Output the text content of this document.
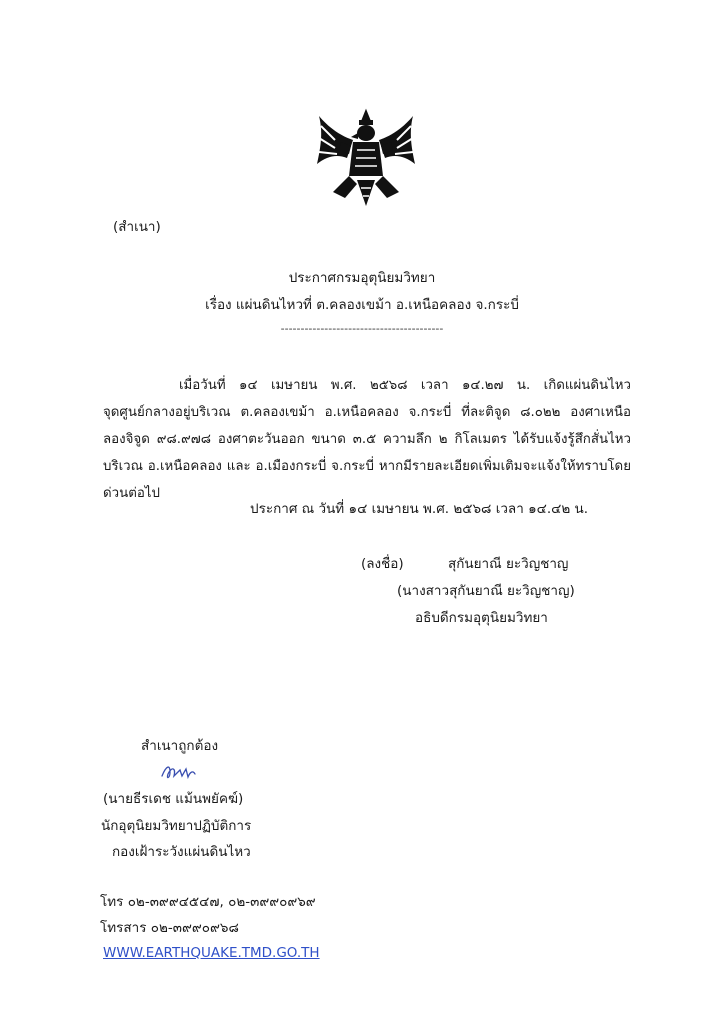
(สำเนา)
ประกาศกรมอุตุนิยมวิทยา
เรื่อง แผ่นดินไหวที่ ต.คลองเขม้า อ.เหนือคลอง จ.กระบี่
-----------------------------------------
เมื่อวันที่ ๑๔ เมษายน พ.ศ. ๒๕๖๘ เวลา ๑๔.๒๗ น. เกิดแผ่นดินไหว จุดศูนย์กลางอยู่บริเวณ ต.คลองเขม้า อ.เหนือคลอง จ.กระบี่ ที่ละติจูด ๘.๐๒๒ องศาเหนือ ลองจิจูด ๙๘.๙๗๘ องศาตะวันออก ขนาด ๓.๕ ความลึก ๒ กิโลเมตร ได้รับแจ้งรู้สึกสั่นไหวบริเวณ อ.เหนือคลอง และ อ.เมืองกระบี่ จ.กระบี่ หากมีรายละเอียดเพิ่มเติมจะแจ้งให้ทราบโดยด่วนต่อไป
ประกาศ ณ วันที่ ๑๔ เมษายน พ.ศ. ๒๕๖๘ เวลา ๑๔.๔๒ น.
(ลงชื่อ)	สุกันยาณี ยะวิญชาญ
(นางสาวสุกันยาณี ยะวิญชาญ)
อธิบดีกรมอุตุนิยมวิทยา
สำเนาถูกต้อง
(นายธีรเดช แม้นพยัคฆ์)
นักอุตุนิยมวิทยาปฏิบัติการ
กองเฝ้าระวังแผ่นดินไหว
โทร ๐๒-๓๙๙๔๕๔๗, ๐๒-๓๙๙๐๙๖๙
โทรสาร ๐๒-๓๙๙๐๙๖๘
WWW.EARTHQUAKE.TMD.GO.TH
